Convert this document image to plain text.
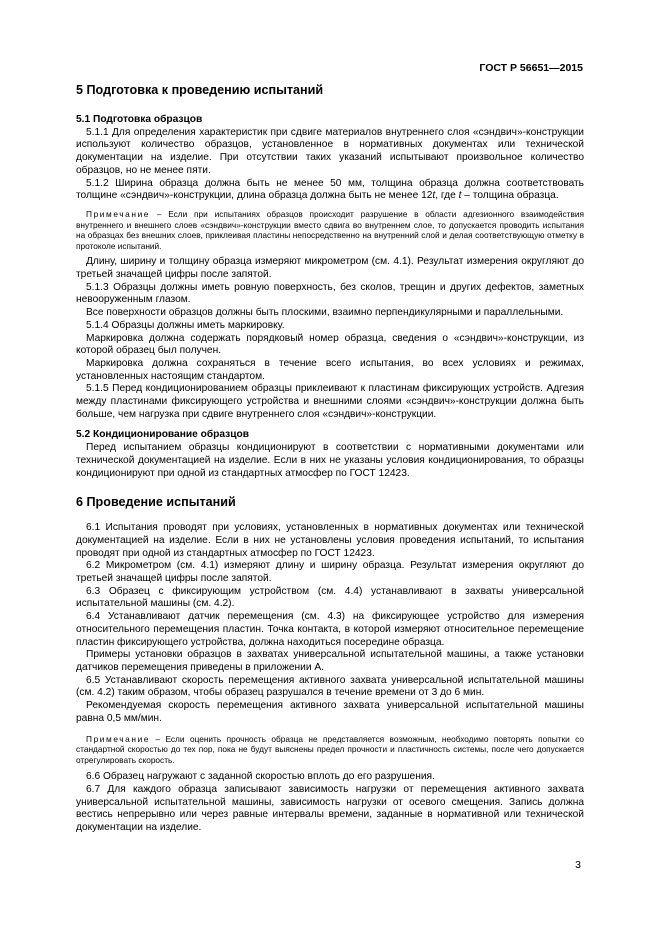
ГОСТ Р 56651—2015
5 Подготовка к проведению испытаний
5.1 Подготовка образцов

5.1.1 Для определения характеристик при сдвиге материалов внутреннего слоя «сэндвич»-конструкции используют количество образцов, установленное в нормативных документах или технической документации на изделие. При отсутствии таких указаний испытывают произвольное количество образцов, но не менее пяти.

5.1.2 Ширина образца должна быть не менее 50 мм, толщина образца должна соответствовать толщине «сэндвич»-конструкции, длина образца должна быть не менее 12t, где t – толщина образца.

Примечание – Если при испытаниях образцов происходит разрушение в области адгезионного взаимодействия внутреннего и внешнего слоев «сэндвич»-конструкции вместо сдвига во внутреннем слое, то допускается проводить испытания на образцах без внешних слоев, приклеивая пластины непосредственно на внутренний слой и делая соответствующую отметку в протоколе испытаний.

Длину, ширину и толщину образца измеряют микрометром (см. 4.1). Результат измерения округляют до третьей значащей цифры после запятой.

5.1.3 Образцы должны иметь ровную поверхность, без сколов, трещин и других дефектов, заметных невооруженным глазом.

Все поверхности образцов должны быть плоскими, взаимно перпендикулярными и параллельными.

5.1.4 Образцы должны иметь маркировку.

Маркировка должна содержать порядковый номер образца, сведения о «сэндвич»-конструкции, из которой образец был получен.

Маркировка должна сохраняться в течение всего испытания, во всех условиях и режимах, установленных настоящим стандартом.

5.1.5 Перед кондиционированием образцы приклеивают к пластинам фиксирующих устройств. Адгезия между пластинами фиксирующего устройства и внешними слоями «сэндвич»-конструкции должна быть больше, чем нагрузка при сдвиге внутреннего слоя «сэндвич»-конструкции.

5.2 Кондиционирование образцов

Перед испытанием образцы кондиционируют в соответствии с нормативными документами или технической документацией на изделие. Если в них не указаны условия кондиционирования, то образцы кондиционируют при одной из стандартных атмосфер по ГОСТ 12423.

6 Проведение испытаний

6.1 Испытания проводят при условиях, установленных в нормативных документах или технической документацией на изделие. Если в них не установлены условия проведения испытаний, то испытания проводят при одной из стандартных атмосфер по ГОСТ 12423.

6.2 Микрометром (см. 4.1) измеряют длину и ширину образца. Результат измерения округляют до третьей значащей цифры после запятой.

6.3 Образец с фиксирующим устройством (см. 4.4) устанавливают в захваты универсальной испытательной машины (см. 4.2).

6.4 Устанавливают датчик перемещения (см. 4.3) на фиксирующее устройство для измерения относительного перемещения пластин. Точка контакта, в которой измеряют относительное перемещение пластин фиксирующего устройства, должна находиться посередине образца.

Примеры установки образцов в захватах универсальной испытательной машины, а также установки датчиков перемещения приведены в приложении А.

6.5 Устанавливают скорость перемещения активного захвата универсальной испытательной машины (см. 4.2) таким образом, чтобы образец разрушался в течение времени от 3 до 6 мин.

Рекомендуемая скорость перемещения активного захвата универсальной испытательной машины равна 0,5 мм/мин.

Примечание – Если оценить прочность образца не представляется возможным, необходимо повторять попытки со стандартной скоростью до тех пор, пока не будут выяснены предел прочности и пластичность системы, после чего допускается отрегулировать скорость.

6.6 Образец нагружают с заданной скоростью вплоть до его разрушения.

6.7 Для каждого образца записывают зависимость нагрузки от перемещения активного захвата универсальной испытательной машины, зависимость нагрузки от осевого смещения. Запись должна вестись непрерывно или через равные интервалы времени, заданные в нормативной или технической документации на изделие.

3
